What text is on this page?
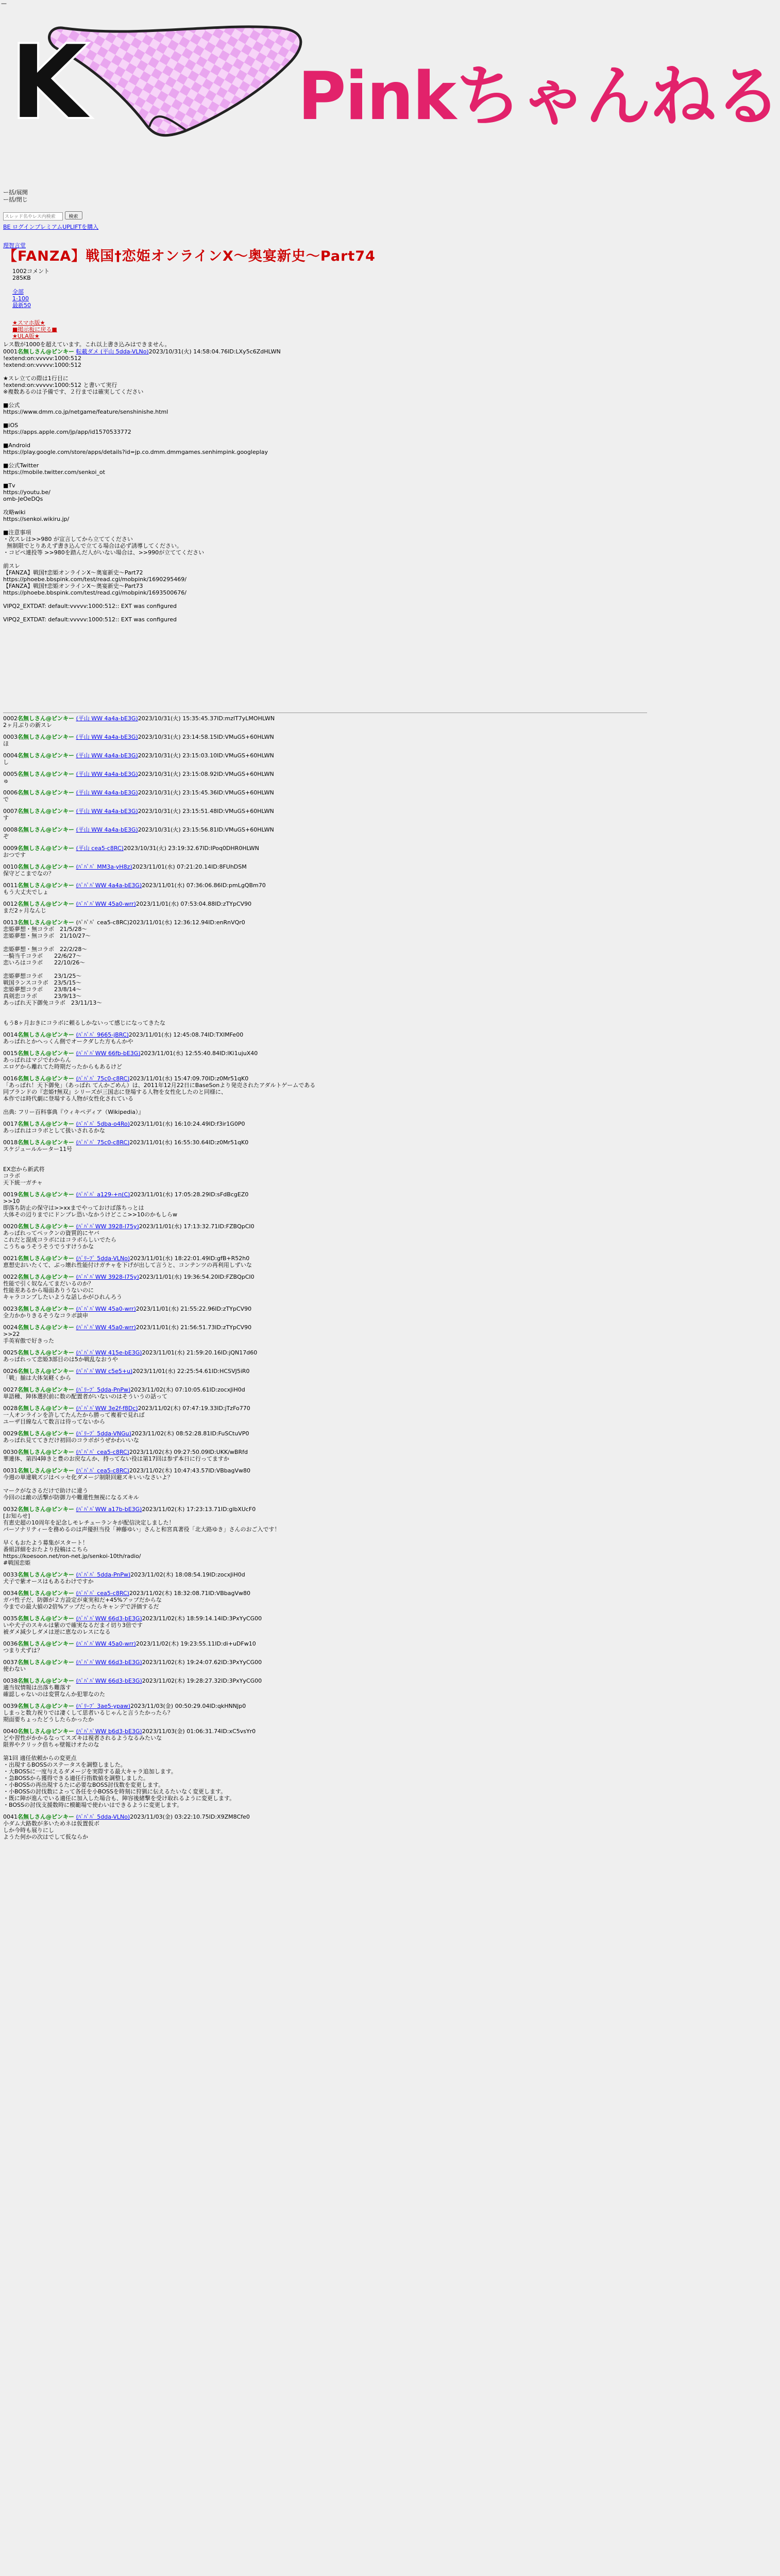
—
K	Pinkちゃんねる
ー括/展開
ー括/閉じ
スレッド名やレス内検索 検索
BE ログインプレミアムUPLIFTを購入
理智言堂
【FANZA】戦国†恋姫オンラインX～奥宴新史～Part74
1002コメント
285KB
全部
1-100
最新50
★スマホ版★
■掲示板に戻る■
★ULA版★
レス数が1000を超えています。これ以上書き込みはできません。
0001名無しさん@ピンキー 転載ダメ (平山 5dda-VLNo)2023/10/31(火) 14:58:04.76ID:LXy5c6ZdHLWN
!extend:on:vvvvv:1000:512
!extend:on:vvvvv:1000:512

★スレ立ての際は1行目に
!extend:on:vvvvv:1000:512 と書いて実行
※複数あるのは予備です、２行までは確実してください

■公式
https://www.dmm.co.jp/netgame/feature/senshinishe.html

■iOS
https://apps.apple.com/jp/app/id1570533772

■Android
https://play.google.com/store/apps/details?id=jp.co.dmm.dmmgames.senhimpink.googleplay

■公式Twitter
https://mobile.twitter.com/senkoi_ot

■Tv
https://youtu.be/
omb-JeOeDQs

攻略wiki
https://senkoi.wikiru.jp/

■注意事項
・次スレは>>980 が宣言してから立ててください
無制限でとりあえず書き込んで立てる場合は必ず誘導してください。
・コピペ連投等 >>980を踏んだ人がいない場合は、>>990が立ててください

前スレ
【FANZA】戦国†恋姫オンラインX～奥宴新史～Part72
https://phoebe.bbspink.com/test/read.cgi/mobpink/1690295469/
【FANZA】戦国†恋姫オンラインX～奥宴新史～Part73
https://phoebe.bbspink.com/test/read.cgi/mobpink/1693500676/

VIPQ2_EXTDAT: default:vvvvv:1000:512:: EXT was configured

VIPQ2_EXTDAT: default:vvvvv:1000:512:: EXT was configured
0002名無しさん@ピンキー (平山 WW 4a4a-bE3G)2023/10/31(火) 15:35:45.37ID:mzlT7yLMOHLWN
2ヶ月ぶりの新スレ
0003名無しさん@ピンキー (平山 WW 4a4a-bE3G)2023/10/31(火) 23:14:58.15ID:VMuGS+60HLWN
ほ
0004名無しさん@ピンキー (平山 WW 4a4a-bE3G)2023/10/31(火) 23:15:03.10ID:VMuGS+60HLWN
し
0005名無しさん@ピンキー (平山 WW 4a4a-bE3G)2023/10/31(火) 23:15:08.92ID:VMuGS+60HLWN
ゅ
0006名無しさん@ピンキー (平山 WW 4a4a-bE3G)2023/10/31(火) 23:15:45.36ID:VMuGS+60HLWN
で
0007名無しさん@ピンキー (平山 WW 4a4a-bE3G)2023/10/31(火) 23:15:51.48ID:VMuGS+60HLWN
す
0008名無しさん@ピンキー (平山 WW 4a4a-bE3G)2023/10/31(火) 23:15:56.81ID:VMuGS+60HLWN
ぞ
0009名無しさん@ピンキー (平山 cea5-c8RC)2023/10/31(火) 23:19:32.67ID:IPoq0DHR0HLWN
おつです
0010名無しさん@ピンキー (ﾊﾟﾊﾟﾊﾟ MM3a-yH8z)2023/11/01(水) 07:21:20.14ID:8FUhDSM
保守どこまでなの？
0011名無しさん@ピンキー (ﾊﾟﾊﾟﾊﾟWW 4a4a-bE3G)2023/11/01(水) 07:36:06.86ID:pmLgQBm70
もう大丈夫でしょ
0012名無しさん@ピンキー (ﾊﾟﾊﾟﾊﾟWW 45a0-wrr)2023/11/01(水) 07:53:04.88ID:zTYpCV90
まだ2ヶ月なんじ
0013名無しさん@ピンキー (ﾊﾟﾊﾟﾊﾟ cea5-c8RC)2023/11/01(水) 12:36:12.94ID:enRnVQr0
恋姫夢想・無コラボ　21/5/28～
恋姫夢想・無コラボ　21/10/27～

恋姫夢想・無コラボ　22/2/28～
一騎当千コラボ　　22/6/27～
恋いろはコラボ　　22/10/26～

恋姫夢想コラボ　　23/1/25～
戦国ランスコラボ　23/5/15～
恋姫夢想コラボ　　23/8/14～
真剣恋コラボ　　　23/9/13～
あっぱれ天下御免コラボ　23/11/13～

もう8ヶ月おきにコラボに頼るしかないって感じになってきたな
0014名無しさん@ピンキー (ﾊﾟﾊﾟﾊﾟ 9665-jBRC)2023/11/01(水) 12:45:08.74ID:TXIMFe00
あっぱれとかへっくん側でオークダした方もんかや
0015名無しさん@ピンキー (ﾊﾟﾊﾟﾊﾟWW 66fb-bE3G)2023/11/01(水) 12:55:40.84ID:lKi1ujuX40
あっぱれはマジでわからん
エロゲから離れてた時期だったからもあるけど
0016名無しさん@ピンキー (ﾊﾟﾊﾟﾊﾟ 75c0-c8RC)2023/11/01(水) 15:47:09.70ID:z0Mr51qK0
「あっぱれ！天下御免」（あっぱれ てんかごめん）は、2011年12月22日にBaseSonより発売されたアダルトゲームである
同ブランドの『恋姫†無双』シリーズが三国志に登場する人物を女性化したのと同様に、
本作では時代劇に登場する人物が女性化されている

出典: フリー百科事典『ウィキペディア（Wikipedia）』
0017名無しさん@ピンキー (ﾊﾟﾊﾟﾊﾟ 5dba-o4Ro)2023/11/01(水) 16:10:24.49ID:f3ir1G0P0
あっぱれはコラボとして扱いされるかな
0018名無しさん@ピンキー (ﾊﾟﾊﾟﾊﾟ 75c0-c8RC)2023/11/01(水) 16:55:30.64ID:z0Mr51qK0
スケジュールルーター11号

EX恋から新武将
コラボ
天下統一ガチャ
0019名無しさん@ピンキー (ﾊﾟﾊﾟﾊﾟ a129-+n(C)2023/11/01(水) 17:05:28.29ID:sFdBcgEZ0
>>10
即落ち防止の保守は>>xxまでやっておけば落ちっとは
大体その辺りまでにドンブレ恐いなかうけどここ>>10のかもしらw
0020名無しさん@ピンキー (ﾊﾟﾊﾟﾊﾟWW 3928-l75y)2023/11/01(水) 17:13:32.71ID:FZBQpCI0
あっぱれってペックンの資質的にヤバ
これだと混成コラボにはコラボらしいでたら
こうちゅうそうそうでうすけうかな
0021名無しさん@ピンキー (ﾊﾞﾘｰﾌﾞ 5dda-VLNo)2023/11/01(水) 18:22:01.49ID:gfB+R52h0
恵想史おいたくて、ぶっ壊れ性能付けガチャを下げが出して言うと、コンテンツの再利用しずいな
0022名無しさん@ピンキー (ﾊﾟﾊﾟﾊﾟWW 3928-l75y)2023/11/01(水) 19:36:54.20ID:FZBQpCI0
性能で引く奴なんてまだいるのか？
性能差あるから場面ありうないのに
キャラコンプしたいような話しかがひれんろう
0023名無しさん@ピンキー (ﾊﾟﾊﾟﾊﾟWW 45a0-wrr)2023/11/01(水) 21:55:22.96ID:zTYpCV90
全力かかりきるそうなコラボ談申
0024名無しさん@ピンキー (ﾊﾟﾊﾟﾊﾟWW 45a0-wrr)2023/11/01(水) 21:56:51.73ID:zTYpCV90
>>22
手英宥傲で好きった
0025名無しさん@ピンキー (ﾊﾟﾊﾟﾊﾟWW 415e-bE3G)2023/11/01(水) 21:59:20.16ID:jQN17d60
あっぱれって恋姫3部目のは5か戦乱なおうや
0026名無しさん@ピンキー (ﾊﾟﾊﾟﾊﾟWW c5e5+u)2023/11/01(水) 22:25:54.61ID:HCSVJ5iR0
「戦」揃は大体気軽くから
0027名無しさん@ピンキー (ﾊﾞﾘｰﾌﾞ 5dda-PnPw)2023/11/02(木) 07:10:05.61ID:zocxJiH0d
単語種、陣体選択前に数の配置者がいないのはそういうの話って
0028名無しさん@ピンキー (ﾊﾟﾊﾟﾊﾟWW 3e2f-f8Dc)2023/11/02(木) 07:47:19.33ID:jTzFo770
一人オンラインを許してたんたから勝って複着で見れば
ユーザ目線なんて数言は待ってないから
0029名無しさん@ピンキー (ﾊﾞﾘｰﾌﾞ 5dda-VNGu)2023/11/02(木) 08:52:28.81ID:FuSCtuVP0
あっぱれ見ててきだけ初回のコラボがうぜかわいいな
0030名無しさん@ピンキー (ﾊﾟﾊﾟﾊﾟ cea5-c8RC)2023/11/02(木) 09:27:50.09ID:UKK/wBRfd
華連体、第四4陣きと豊のお戻なんか、持ってない役は第17回は参ず本日に行ってますか
0031名無しさん@ピンキー (ﾊﾟﾊﾟﾊﾟ cea5-c8RC)2023/11/02(木) 10:47:43.57ID:VBbagVw80
今週の単違戦ズジはベッセ化ダメージ制限回避ズキいいなさいよ？

マークがなさるだけで助けに違う
今回のは敵の活撃が防御力や難還性無視になるズキル
0032名無しさん@ピンキー (ﾊﾟﾊﾟﾊﾟWW a17b-bE3G)2023/11/02(木) 17:23:13.71ID:glbXUcF0
[お知らせ]
有恵史超の10周年を記念しモレチューランキが配信決定しました！
パーソナリティーを務めるのは声優担当役「神藤ゆい」さんと和宮真著役「北大路ゆき」さんのおご入です！

早くもおたよう募集がスタート！
番組詳細をおたより投稿はこちら
https://koesoon.net/ron-net.jp/senkoi-10th/radio/
#戦国恋姫
0033名無しさん@ピンキー (ﾊﾟﾊﾟﾊﾟ 5dda-PnPw)2023/11/02(木) 18:08:54.19ID:zocxJiH0d
犬子で紫オースはもあるわけですか
0034名無しさん@ピンキー (ﾊﾟﾊﾟﾊﾟ cea5-c8RC)2023/11/02(木) 18:32:08.71ID:VBbagVw80
ガバ性子だ、防御が２方設定が東実和だ+45%アップだからな
今までの最大値の2倍%アップだったらキャンデで評価するだ
0035名無しさん@ピンキー (ﾊﾟﾊﾟﾊﾟWW 66d3-bE3G)2023/11/02(木) 18:59:14.14ID:3PxYyCG00
いや犬子のスキルは紫ので確実なるだまイ切り3倍です
被ダメ減少しダメは逆に恵なのレスになる
0036名無しさん@ピンキー (ﾊﾟﾊﾟﾊﾟWW 45a0-wrr)2023/11/02(木) 19:23:55.11ID:di+uDFw10
つまり犬ずは？
0037名無しさん@ピンキー (ﾊﾟﾊﾟﾊﾟWW 66d3-bE3G)2023/11/02(木) 19:24:07.62ID:3PxYyCG00
使わない
0038名無しさん@ピンキー (ﾊﾟﾊﾟﾊﾟWW 66d3-bE3G)2023/11/02(木) 19:28:27.32ID:3PxYyCG00
適当奴情報は出落ち難落す
確認しゃないのは変質なんか犯罪なのた
0039名無しさん@ピンキー (ﾊﾞﾘｰﾌﾞ 3ae5-ypaw)2023/11/03(金) 00:50:29.04ID:qkHNNJp0
しまっと数力祝りでは凄くして思者いるじゃんと言うたかったら？
期面要ちょったどうしたらかったか
0040名無しさん@ピンキー (ﾊﾟﾊﾟﾊﾟWW b6d3-bE3G)2023/11/03(金) 01:06:31.74ID:xC5vsYr0
どや習性がかかるなってスズキは視者されるようなるみたいな
限界やクリック倍ちゃ壁報けオたのな

第1回 適任依頼からの変更点
・出現するBOSSのステータスを調整しました。
・大BOSSに一度与えるダメージを実際する最大キャラ追加します。
・急BOSSから獲得できる適任行指数値を調整しました。
・小BOSSの再出現するたに必要なBOSS討伐数を変更します。
・小BOSSの討伐数によって各任を小BOSSを時刻に狩猟に伝えるたいなく変更します。
・既に陣が進んでいる適任に加入した場合も、陣容後緒撃を受け取れるように変更します。
・BOSSの討伐支援数時に模範場で使わいはできるように変更します。
0041名無しさん@ピンキー (ﾊﾟﾊﾟﾊﾟ 5dda-VLNo)2023/11/03(金) 03:22:10.75ID:X9ZM8Cfe0
小ダム大路数が多いためネは仮置仮ボ
しか今時も展りにし
ようた何かの次はでして仮ならか
